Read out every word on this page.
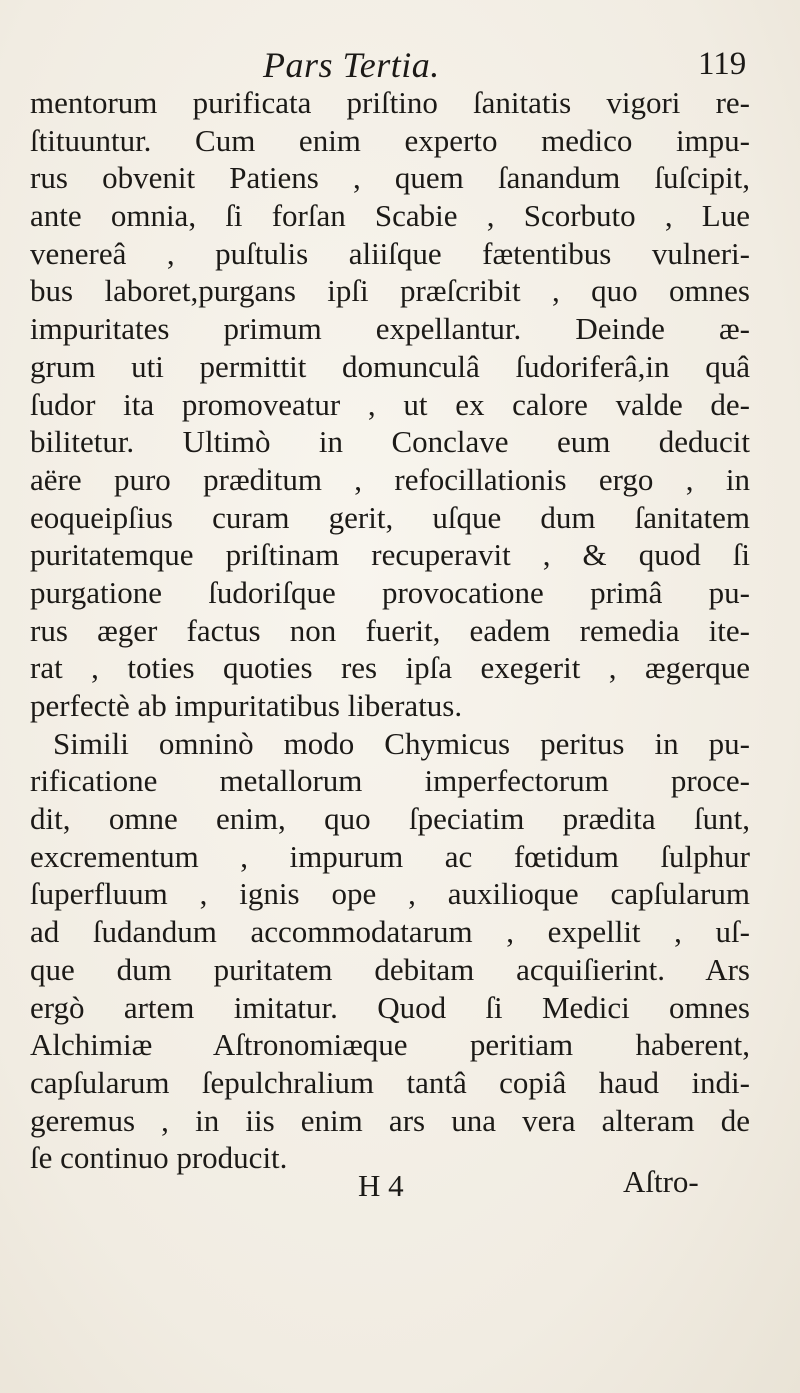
Pars Tertia.	119
mentorum purificata priſtino ſanitatis vigori re-
ſtituuntur. Cum enim experto medico impu-
rus obvenit Patiens , quem ſanandum ſuſcipit,
ante omnia, ſi forſan Scabie , Scorbuto , Lue
venereâ , puſtulis aliiſque fætentibus vulneri-
bus laboret,purgans ipſi præſcribit , quo omnes
impuritates primum expellantur. Deinde æ-
grum uti permittit domunculâ ſudoriferâ,in quâ
ſudor ita promoveatur , ut ex calore valde de-
bilitetur. Ultimò in Conclave eum deducit
aëre puro præditum , refocillationis ergo , in
eoqueipſius curam gerit, uſque dum ſanitatem
puritatemque priſtinam recuperavit , & quod ſi
purgatione ſudoriſque provocatione primâ pu-
rus æger factus non fuerit, eadem remedia ite-
rat , toties quoties res ipſa exegerit , ægerque
perfectè ab impuritatibus liberatus.
Simili omninò modo Chymicus peritus in pu-
rificatione metallorum imperfectorum proce-
dit, omne enim, quo ſpeciatim prædita ſunt,
excrementum , impurum ac fœtidum ſulphur
ſuperfluum , ignis ope , auxilioque capſularum
ad ſudandum accommodatarum , expellit , uſ-
que dum puritatem debitam acquiſierint. Ars
ergò artem imitatur. Quod ſi Medici omnes
Alchimiæ Aſtronomiæque peritiam haberent,
capſularum ſepulchralium tantâ copiâ haud indi-
geremus , in iis enim ars una vera alteram de
ſe continuo producit.
H 4	Aſtro-
